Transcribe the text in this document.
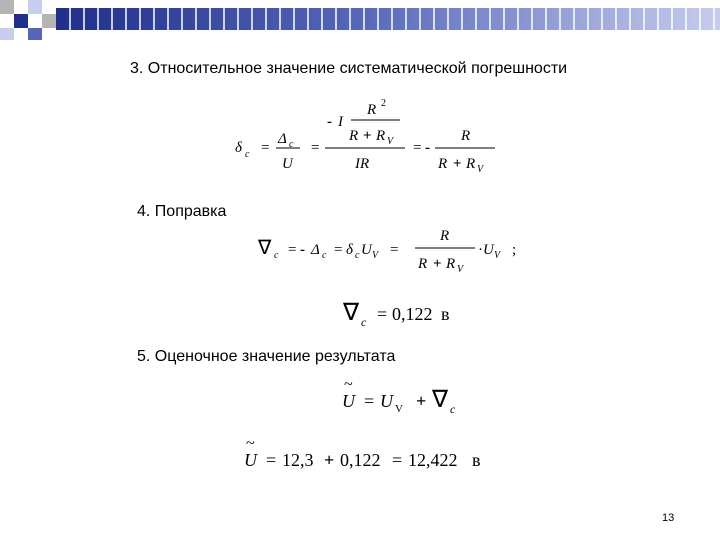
3. Относительное значение систематической погрешности
δ c =
Δ c
U
=
- I
R 2
R + R V
IR
= -
R
R + R V
4. Поправка
∇ c = - Δ c = δ c U V =
R
R + R V
· U V ;
∇ c = 0,122 в
5. Оценочное значение результата
~
U = U V + ∇ c
~
U = 12,3 + 0,122 = 12,422 в
13
